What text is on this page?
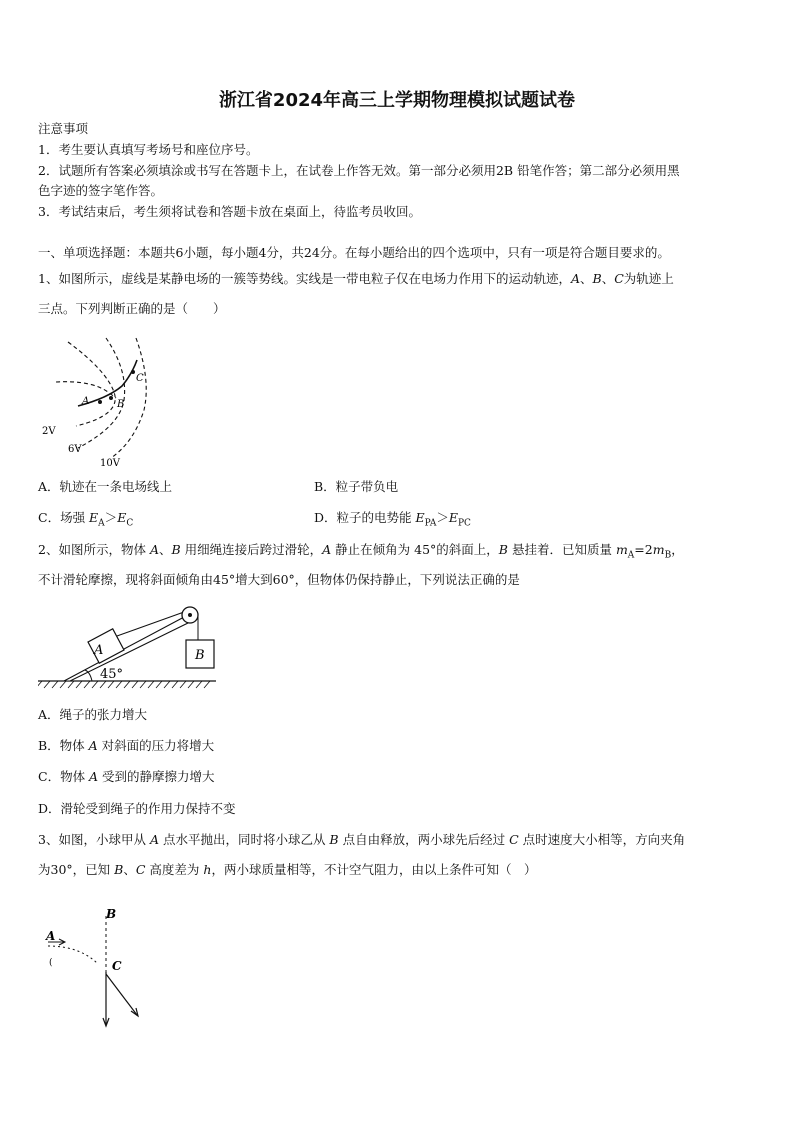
浙江省2024年高三上学期物理模拟试题试卷
注意事项
1．考生要认真填写考场号和座位序号。
2．试题所有答案必须填涂或书写在答题卡上，在试卷上作答无效。第一部分必须用2B 铅笔作答；第二部分必须用黑
色字迹的签字笔作答。
3．考试结束后，考生须将试卷和答题卡放在桌面上，待监考员收回。
一、单项选择题：本题共6小题，每小题4分，共24分。在每小题给出的四个选项中，只有一项是符合题目要求的。
1、如图所示，虚线是某静电场的一簇等势线。实线是一带电粒子仅在电场力作用下的运动轨迹，A、B、C为轨迹上
三点。下列判断正确的是（　　）
A	B
C
2V
6V
10V
A．轨迹在一条电场线上	B．粒子带负电
C．场强 $E_A>E_C$	D．粒子的电势能 $E_{PA}>E_{PC}$
2、如图所示，物体 A、B 用细绳连接后跨过滑轮，A 静止在倾角为 45°的斜面上，B 悬挂着．已知质量 $m_A=2m_B$，
不计滑轮摩擦，现将斜面倾角由45°增大到60°，但物体仍保持静止，下列说法正确的是
A	B
45°
A．绳子的张力增大
B．物体 A 对斜面的压力将增大
C．物体 A 受到的静摩擦力增大
D．滑轮受到绳子的作用力保持不变
3、如图，小球甲从 A 点水平抛出，同时将小球乙从 B 点自由释放，两小球先后经过 C 点时速度大小相等，方向夹角
为30°，已知 B、C 高度差为 h，两小球质量相等，不计空气阻力，由以上条件可知（　）
A
(
B
C
